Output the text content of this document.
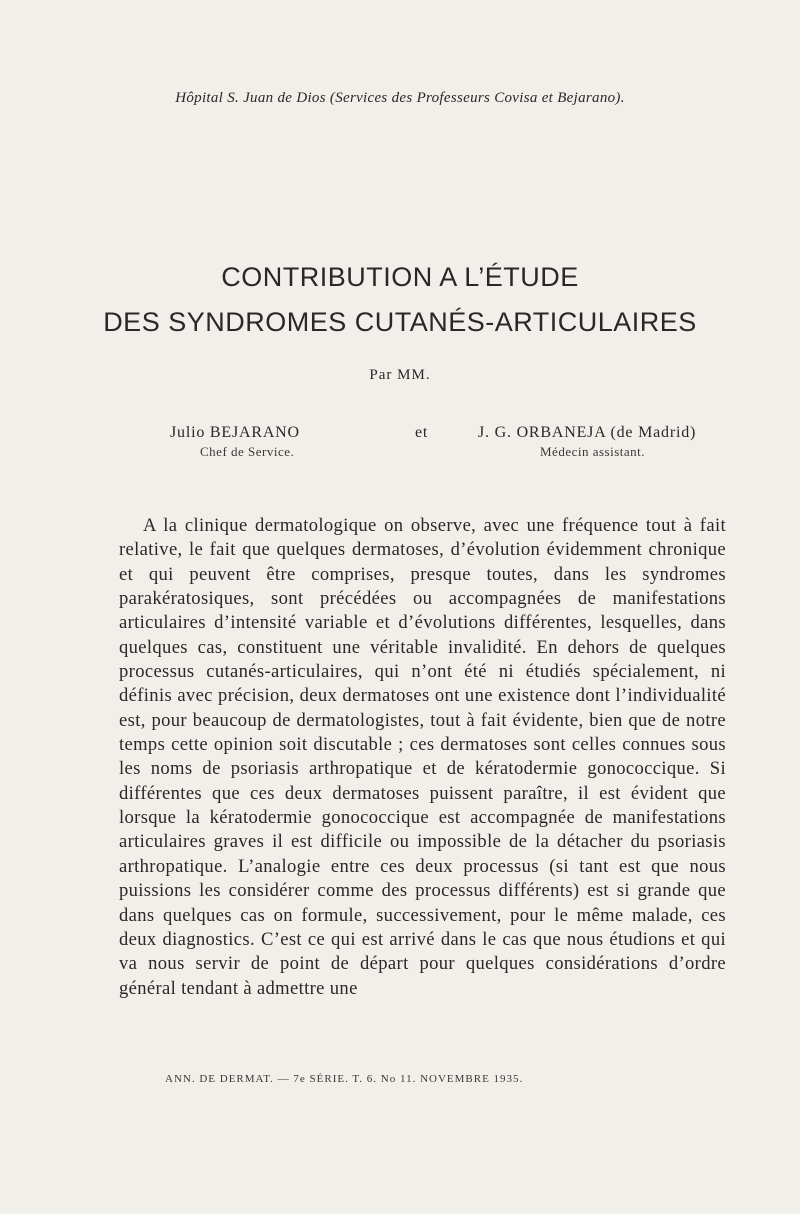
Hôpital S. Juan de Dios (Services des Professeurs Covisa et Bejarano).
CONTRIBUTION A L’ÉTUDE
DES SYNDROMES CUTANÉS-ARTICULAIRES
Par MM.
Julio BEJARANO	et	J. G. ORBANEJA (de Madrid)
Chef de Service.	Médecin assistant.

A la clinique dermatologique on observe, avec une fréquence tout à fait relative, le fait que quelques dermatoses, d’évolution évidemment chronique et qui peuvent être comprises, presque toutes, dans les syndromes parakératosiques, sont précédées ou accompagnées de manifestations articulaires d’intensité variable et d’évolutions différentes, lesquelles, dans quelques cas, constituent une véritable invalidité. En dehors de quelques processus cutanés-articulaires, qui n’ont été ni étudiés spécialement, ni définis avec précision, deux dermatoses ont une existence dont l’individualité est, pour beaucoup de dermatologistes, tout à fait évidente, bien que de notre temps cette opinion soit discutable ; ces dermatoses sont celles connues sous les noms de psoriasis arthropatique et de kératodermie gonococcique. Si différentes que ces deux dermatoses puissent paraître, il est évident que lorsque la kératodermie gonococcique est accompagnée de manifestations articulaires graves il est difficile ou impossible de la détacher du psoriasis arthropatique. L’analogie entre ces deux processus (si tant est que nous puissions les considérer comme des processus différents) est si grande que dans quelques cas on formule, successivement, pour le même malade, ces deux diagnostics. C’est ce qui est arrivé dans le cas que nous étudions et qui va nous servir de point de départ pour quelques considérations d’ordre général tendant à admettre une

ANN. DE DERMAT. — 7e SÉRIE. T. 6. No 11. NOVEMBRE 1935.
